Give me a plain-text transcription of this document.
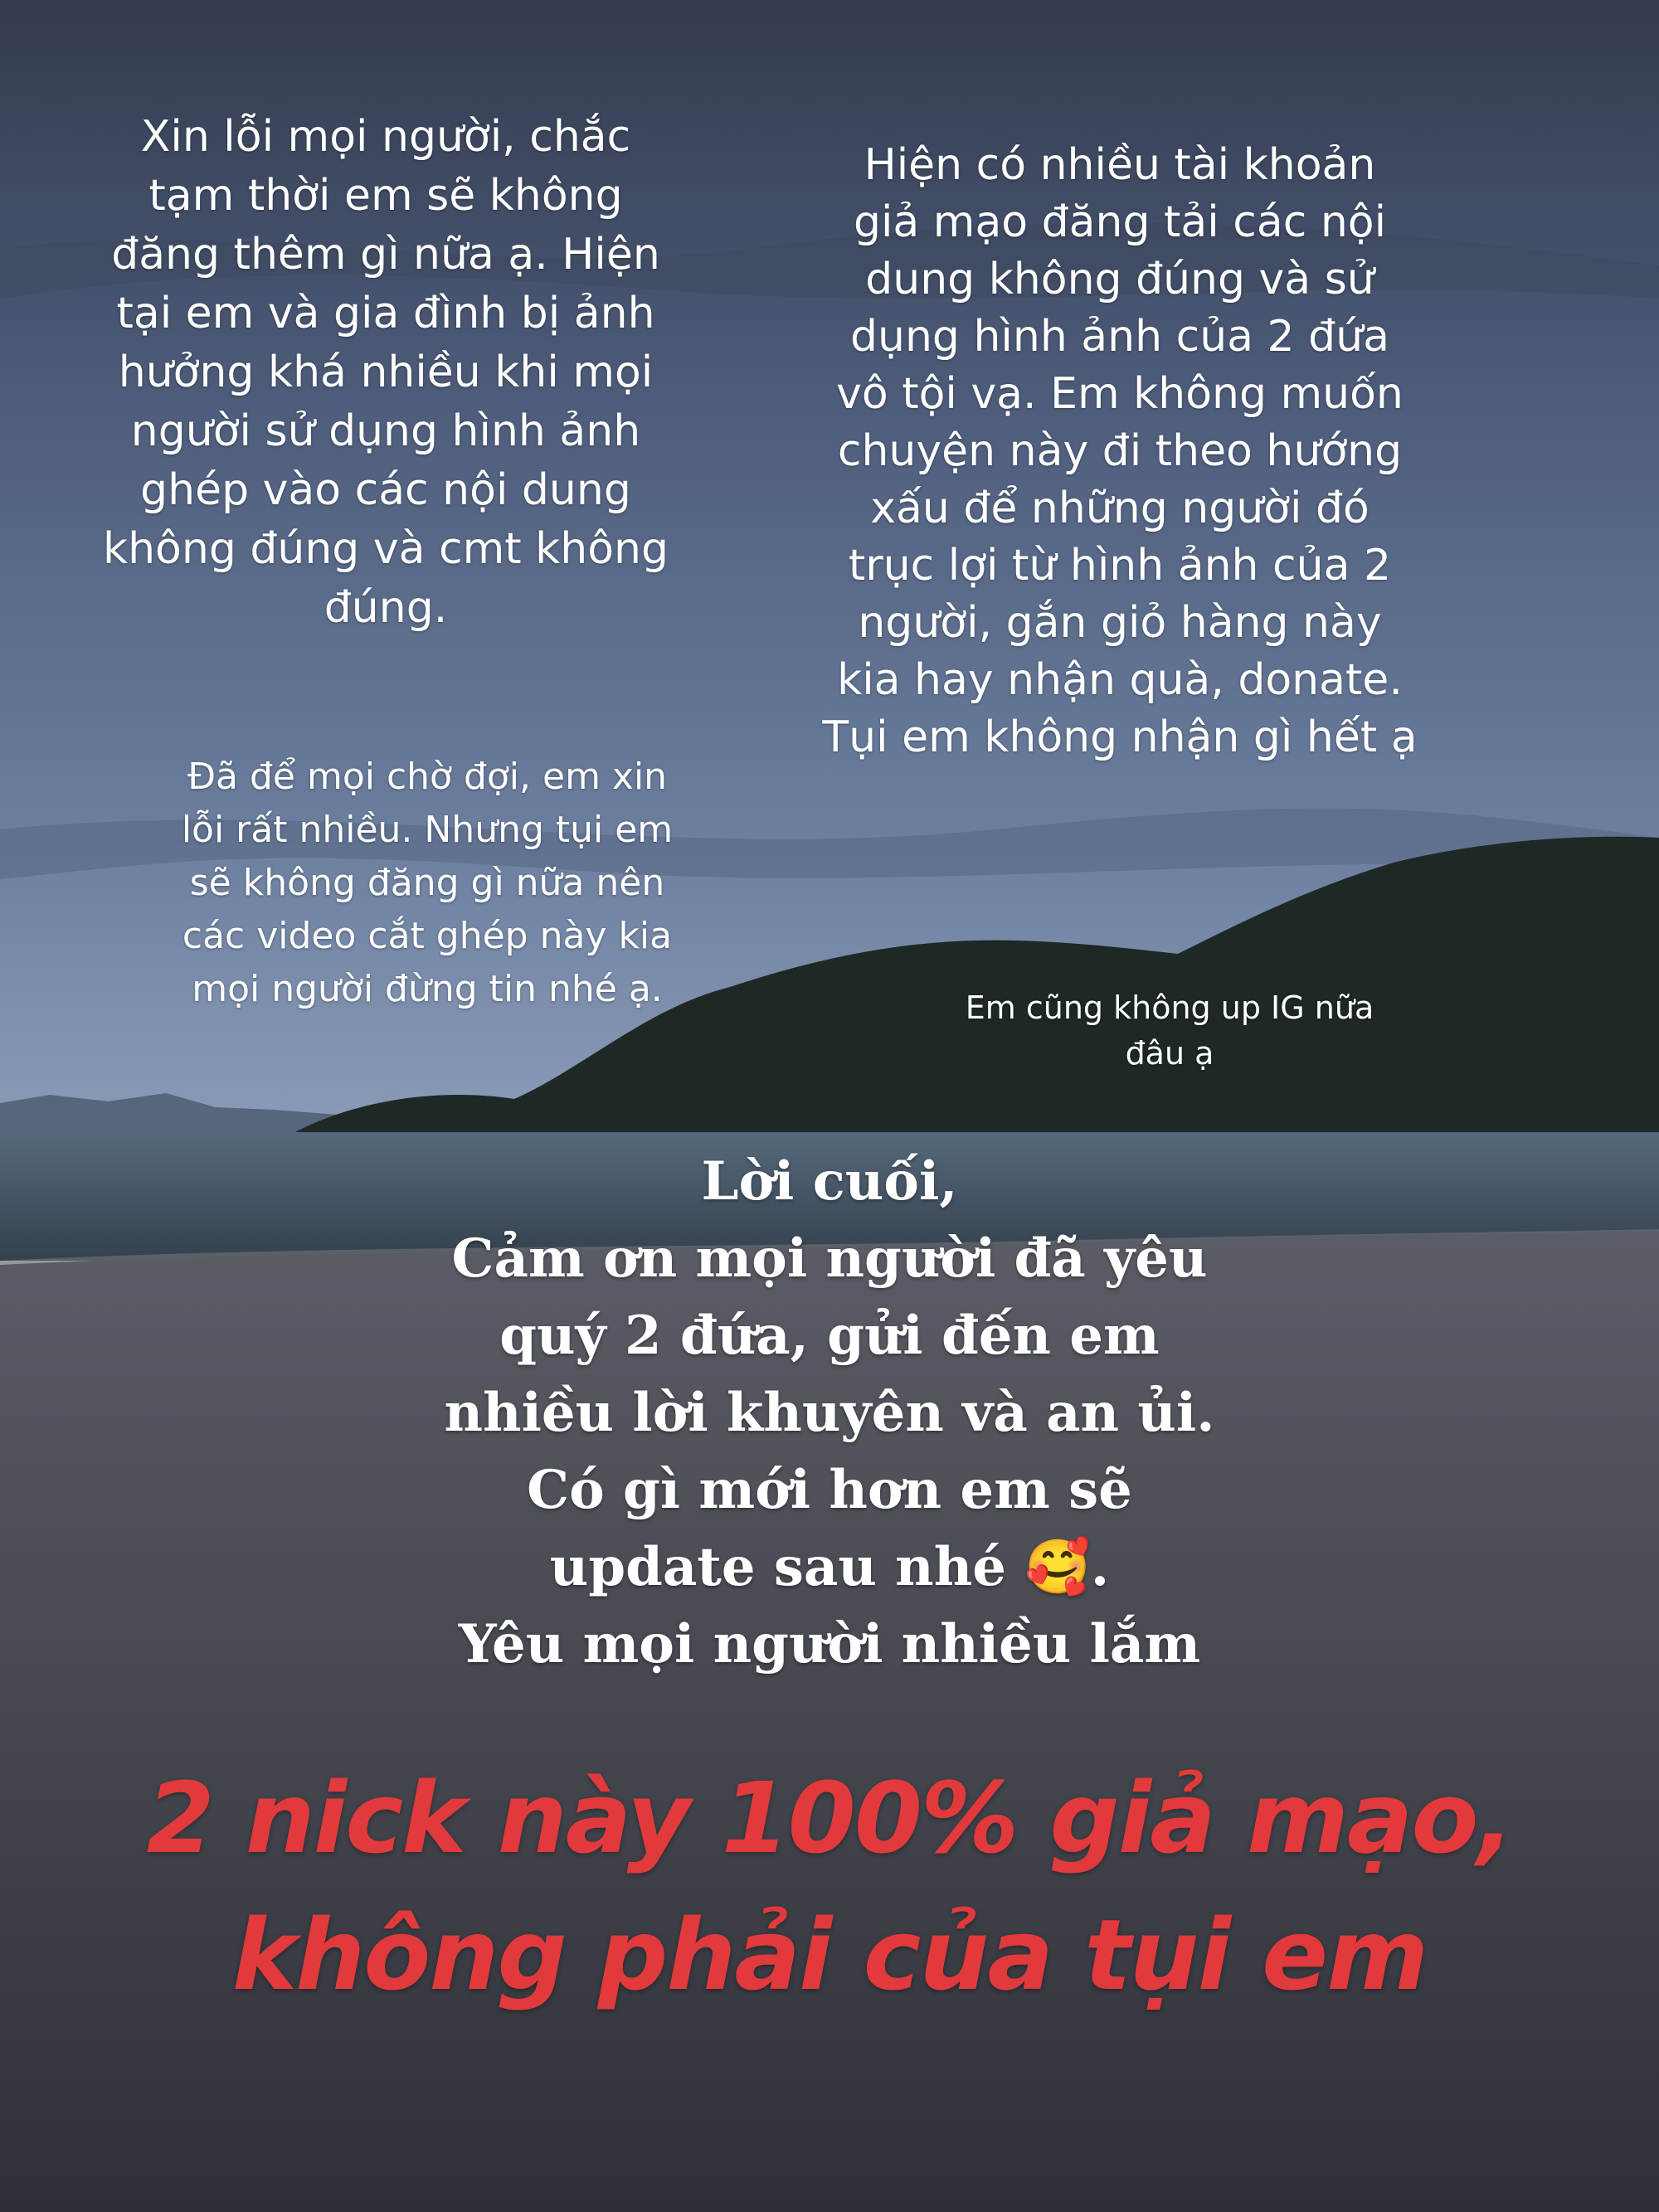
Xin lỗi mọi người, chắc
tạm thời em sẽ không
đăng thêm gì nữa ạ. Hiện
tại em và gia đình bị ảnh
hưởng khá nhiều khi mọi
người sử dụng hình ảnh
ghép vào các nội dung
không đúng và cmt không
đúng.
Hiện có nhiều tài khoản
giả mạo đăng tải các nội
dung không đúng và sử
dụng hình ảnh của 2 đứa
vô tội vạ. Em không muốn
chuyện này đi theo hướng
xấu để những người đó
trục lợi từ hình ảnh của 2
người, gắn giỏ hàng này
kia hay nhận quà, donate.
Tụi em không nhận gì hết ạ
Đã để mọi chờ đợi, em xin
lỗi rất nhiều. Nhưng tụi em
sẽ không đăng gì nữa nên
các video cắt ghép này kia
mọi người đừng tin nhé ạ.	Em cũng không up IG nữa
đâu ạ
Lời cuối,
Cảm ơn mọi người đã yêu
quý 2 đứa, gửi đến em
nhiều lời khuyên và an ủi.
Có gì mới hơn em sẽ
update sau nhé 🥰.
Yêu mọi người nhiều lắm
2 nick này 100% giả mạo,
không phải của tụi em
